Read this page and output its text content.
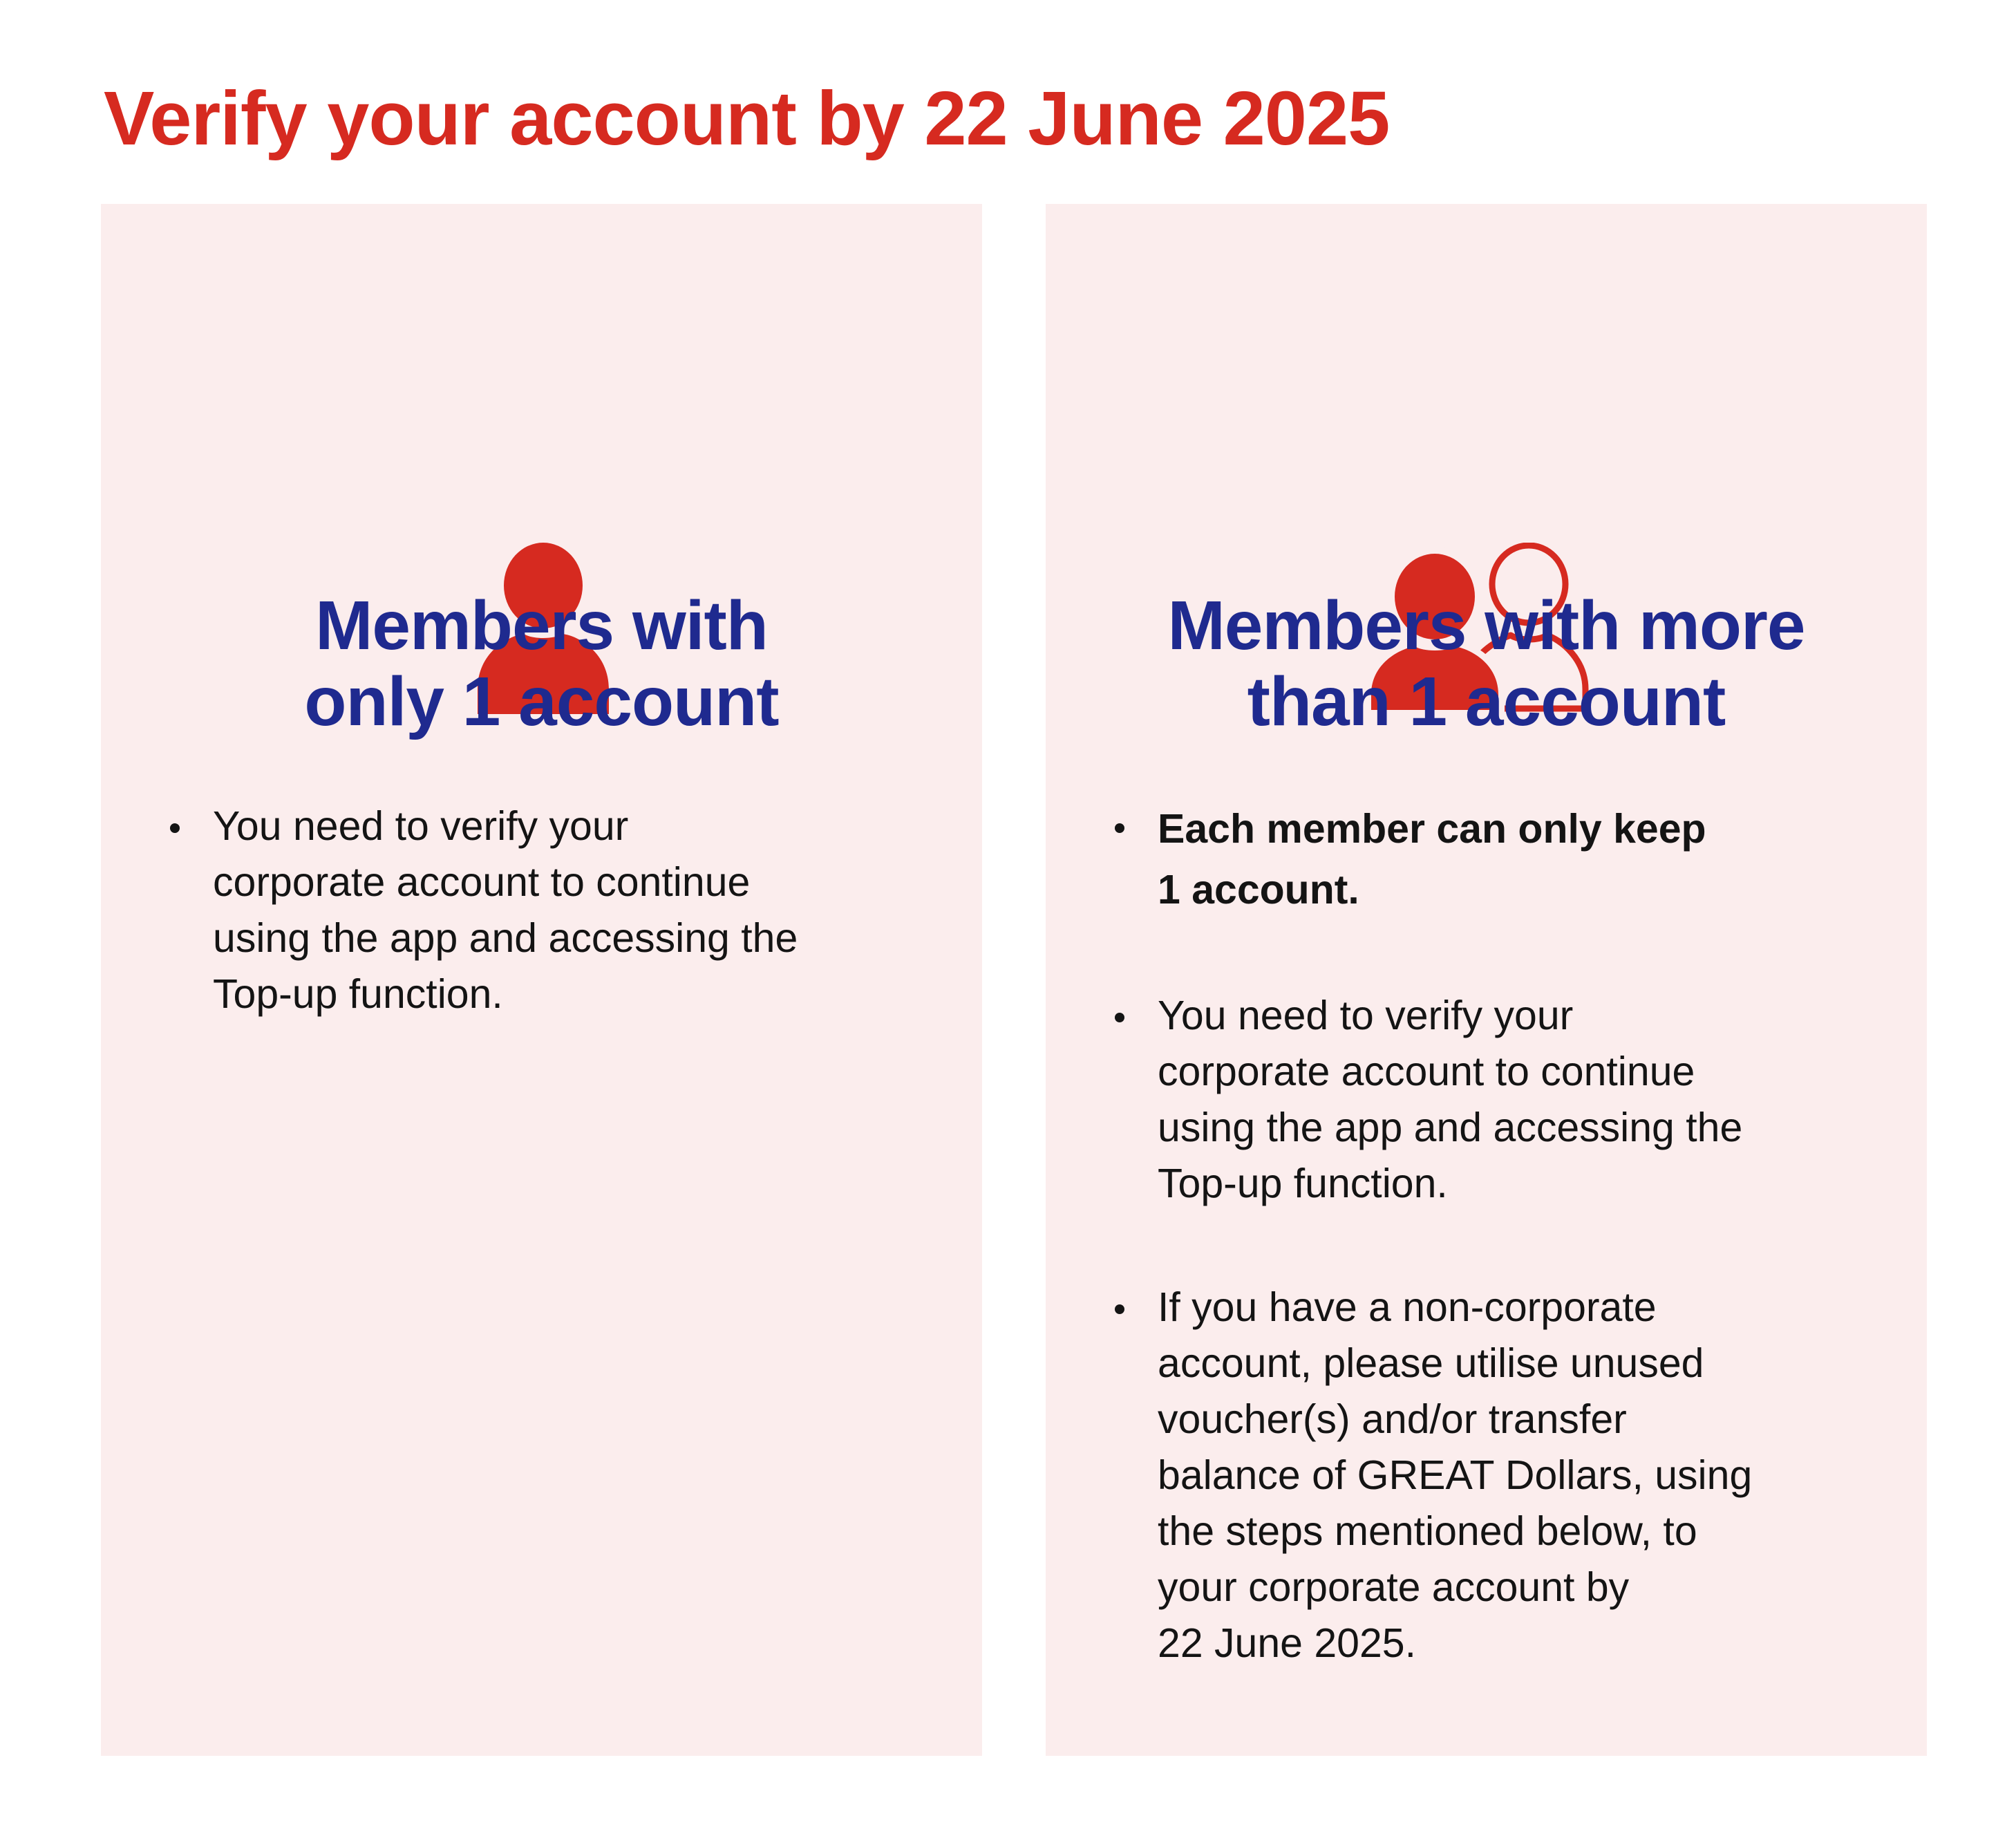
Verify your account by 22 June 2025
Members with
only 1 account
You need to verify your
corporate account to continue
using the app and accessing the
Top-up function.
Members with more
than 1 account
Each member can only keep
1 account.
You need to verify your
corporate account to continue
using the app and accessing the
Top-up function.
If you have a non-corporate
account, please utilise unused
voucher(s) and/or transfer
balance of GREAT Dollars, using
the steps mentioned below, to
your corporate account by
22 June 2025.
